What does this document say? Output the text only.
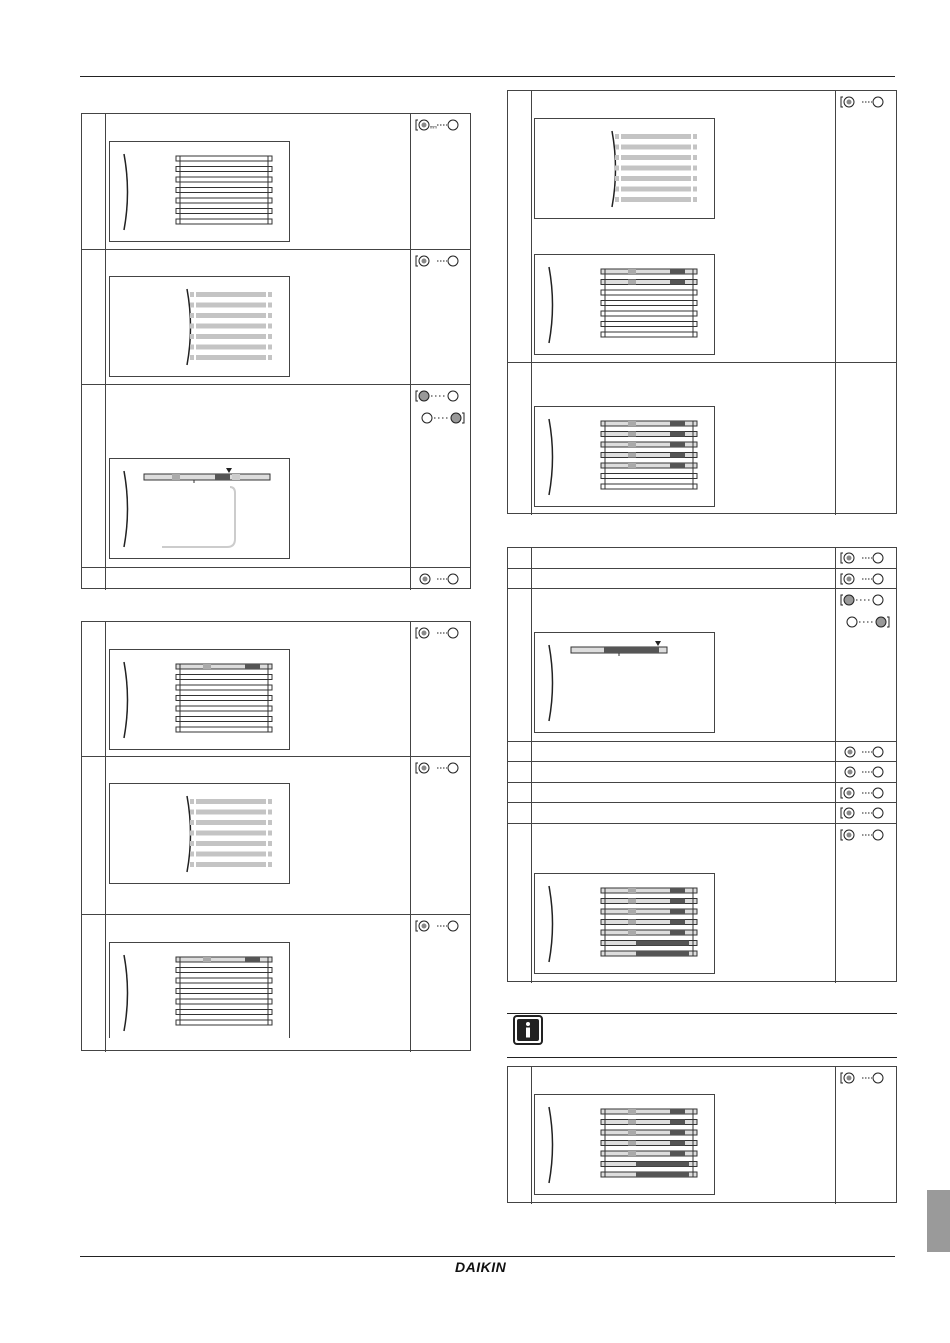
ᵐᵐ
DAIKIN
